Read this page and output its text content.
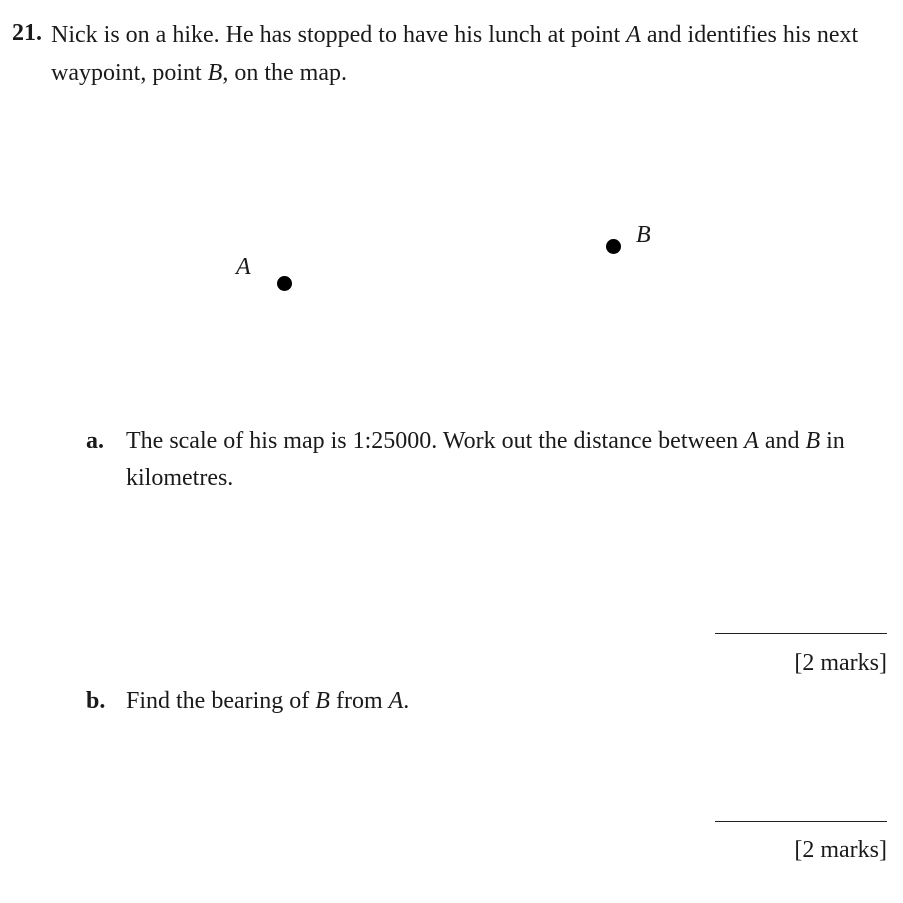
21. Nick is on a hike. He has stopped to have his lunch at point A and identifies his next waypoint, point B, on the map.
A
B
a. The scale of his map is 1:25000. Work out the distance between A and B in kilometres.
[2 marks]
b. Find the bearing of B from A.
[2 marks]
